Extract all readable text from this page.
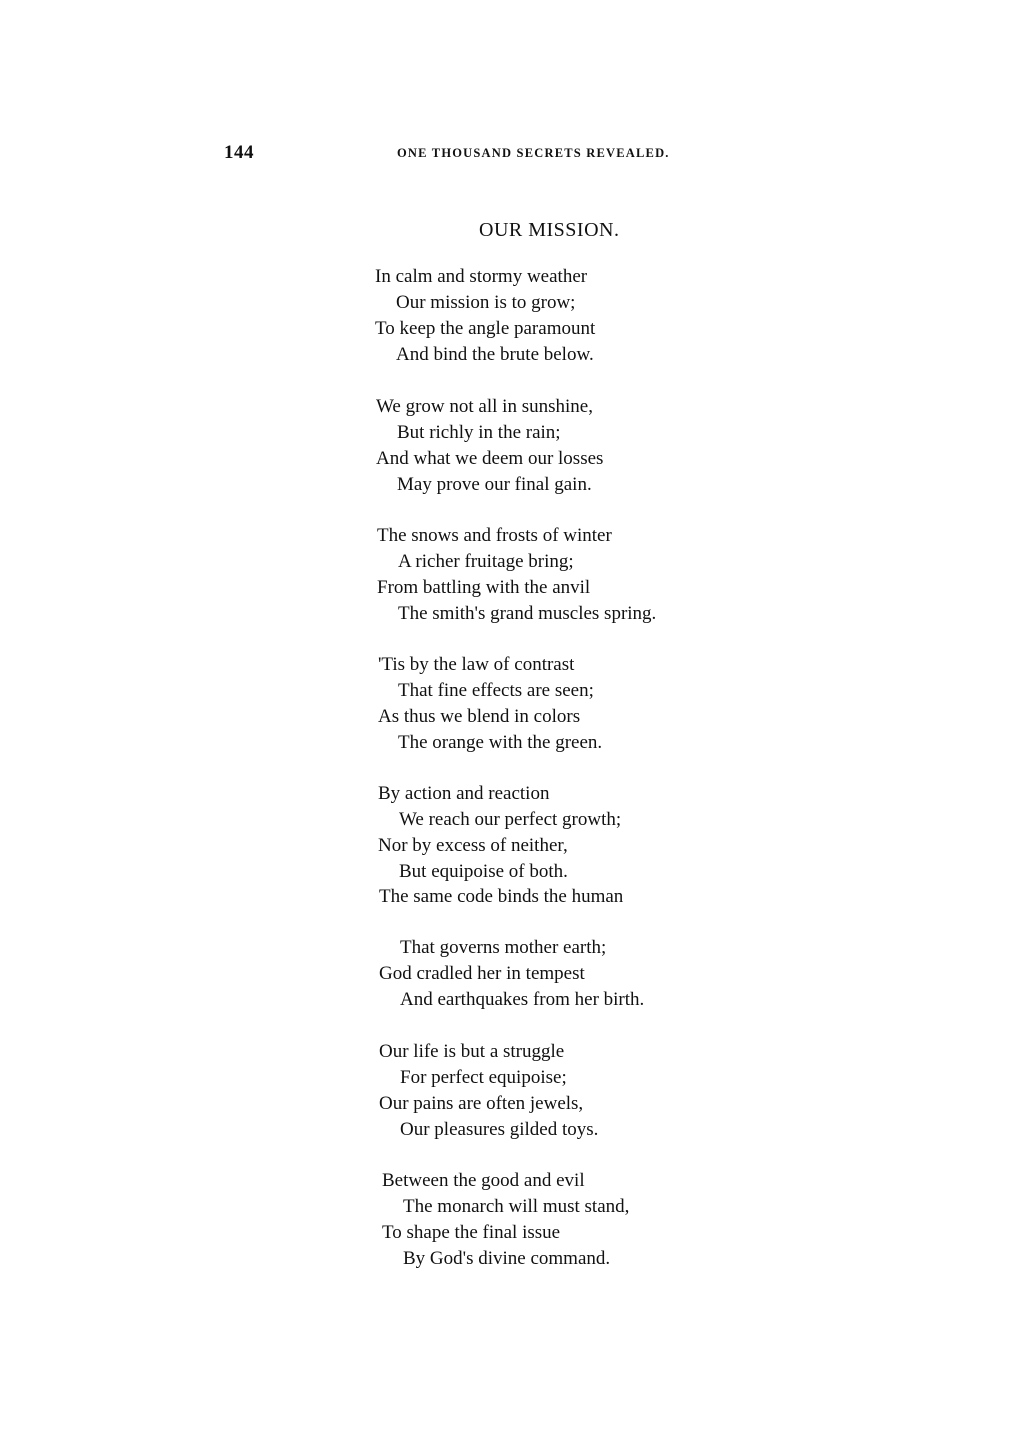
144	ONE THOUSAND SECRETS REVEALED.
OUR MISSION.
In calm and stormy weather
Our mission is to grow;
To keep the angle paramount
And bind the brute below.
We grow not all in sunshine,
But richly in the rain;
And what we deem our losses
May prove our final gain.
The snows and frosts of winter
A richer fruitage bring;
From battling with the anvil
The smith's grand muscles spring.
'Tis by the law of contrast
That fine effects are seen;
As thus we blend in colors
The orange with the green.
By action and reaction
We reach our perfect growth;
Nor by excess of neither,
But equipoise of both.
The same code binds the human
That governs mother earth;
God cradled her in tempest
And earthquakes from her birth.
Our life is but a struggle
For perfect equipoise;
Our pains are often jewels,
Our pleasures gilded toys.
Between the good and evil
The monarch will must stand,
To shape the final issue
By God's divine command.
